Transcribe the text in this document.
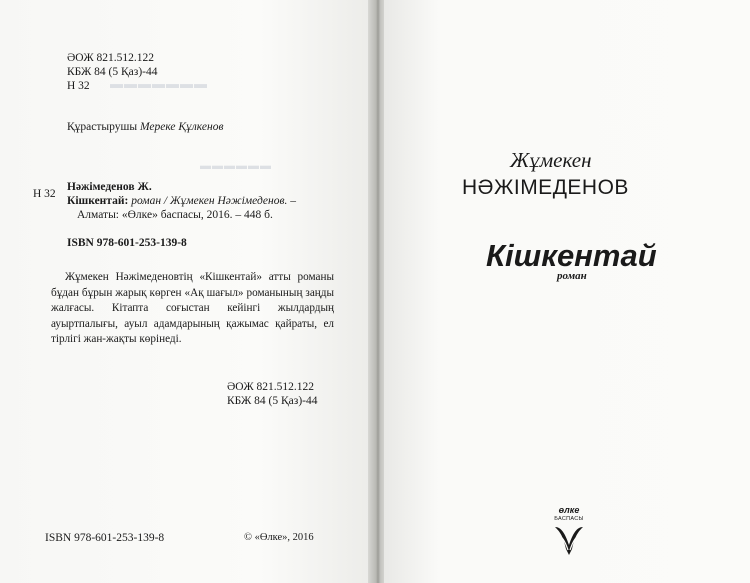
▬▬▬▬▬▬▬
▬▬▬▬▬▬
ӘОЖ 821.512.122
КБЖ 84 (5 Қаз)-44
Н 32
Құрастырушы Мереке Құлкенов
Н 32
Нәжімеденов Ж.
Кішкентай: роман / Жұмекен Нәжімеденов. –
Алматы: «Өлке» баспасы, 2016. – 448 б.
ISBN 978-601-253-139-8
Жұмекен Нәжімеденовтің «Кішкентай» атты романы бұдан бұрын жарық көрген «Ақ шағыл» романының заңды жалғасы. Кітапта соғыстан кейінгі жылдардың ауыртпалығы, ауыл адамдарының қажымас қайраты, ел тірлігі жан-жақты көрінеді.
ӘОЖ 821.512.122
КБЖ 84 (5 Қаз)-44
ISBN 978-601-253-139-8	© «Өлке», 2016
Жұмекен
НӘЖІМЕДЕНОВ
Кішкентай
роман
өлке
БАСПАСЫ
